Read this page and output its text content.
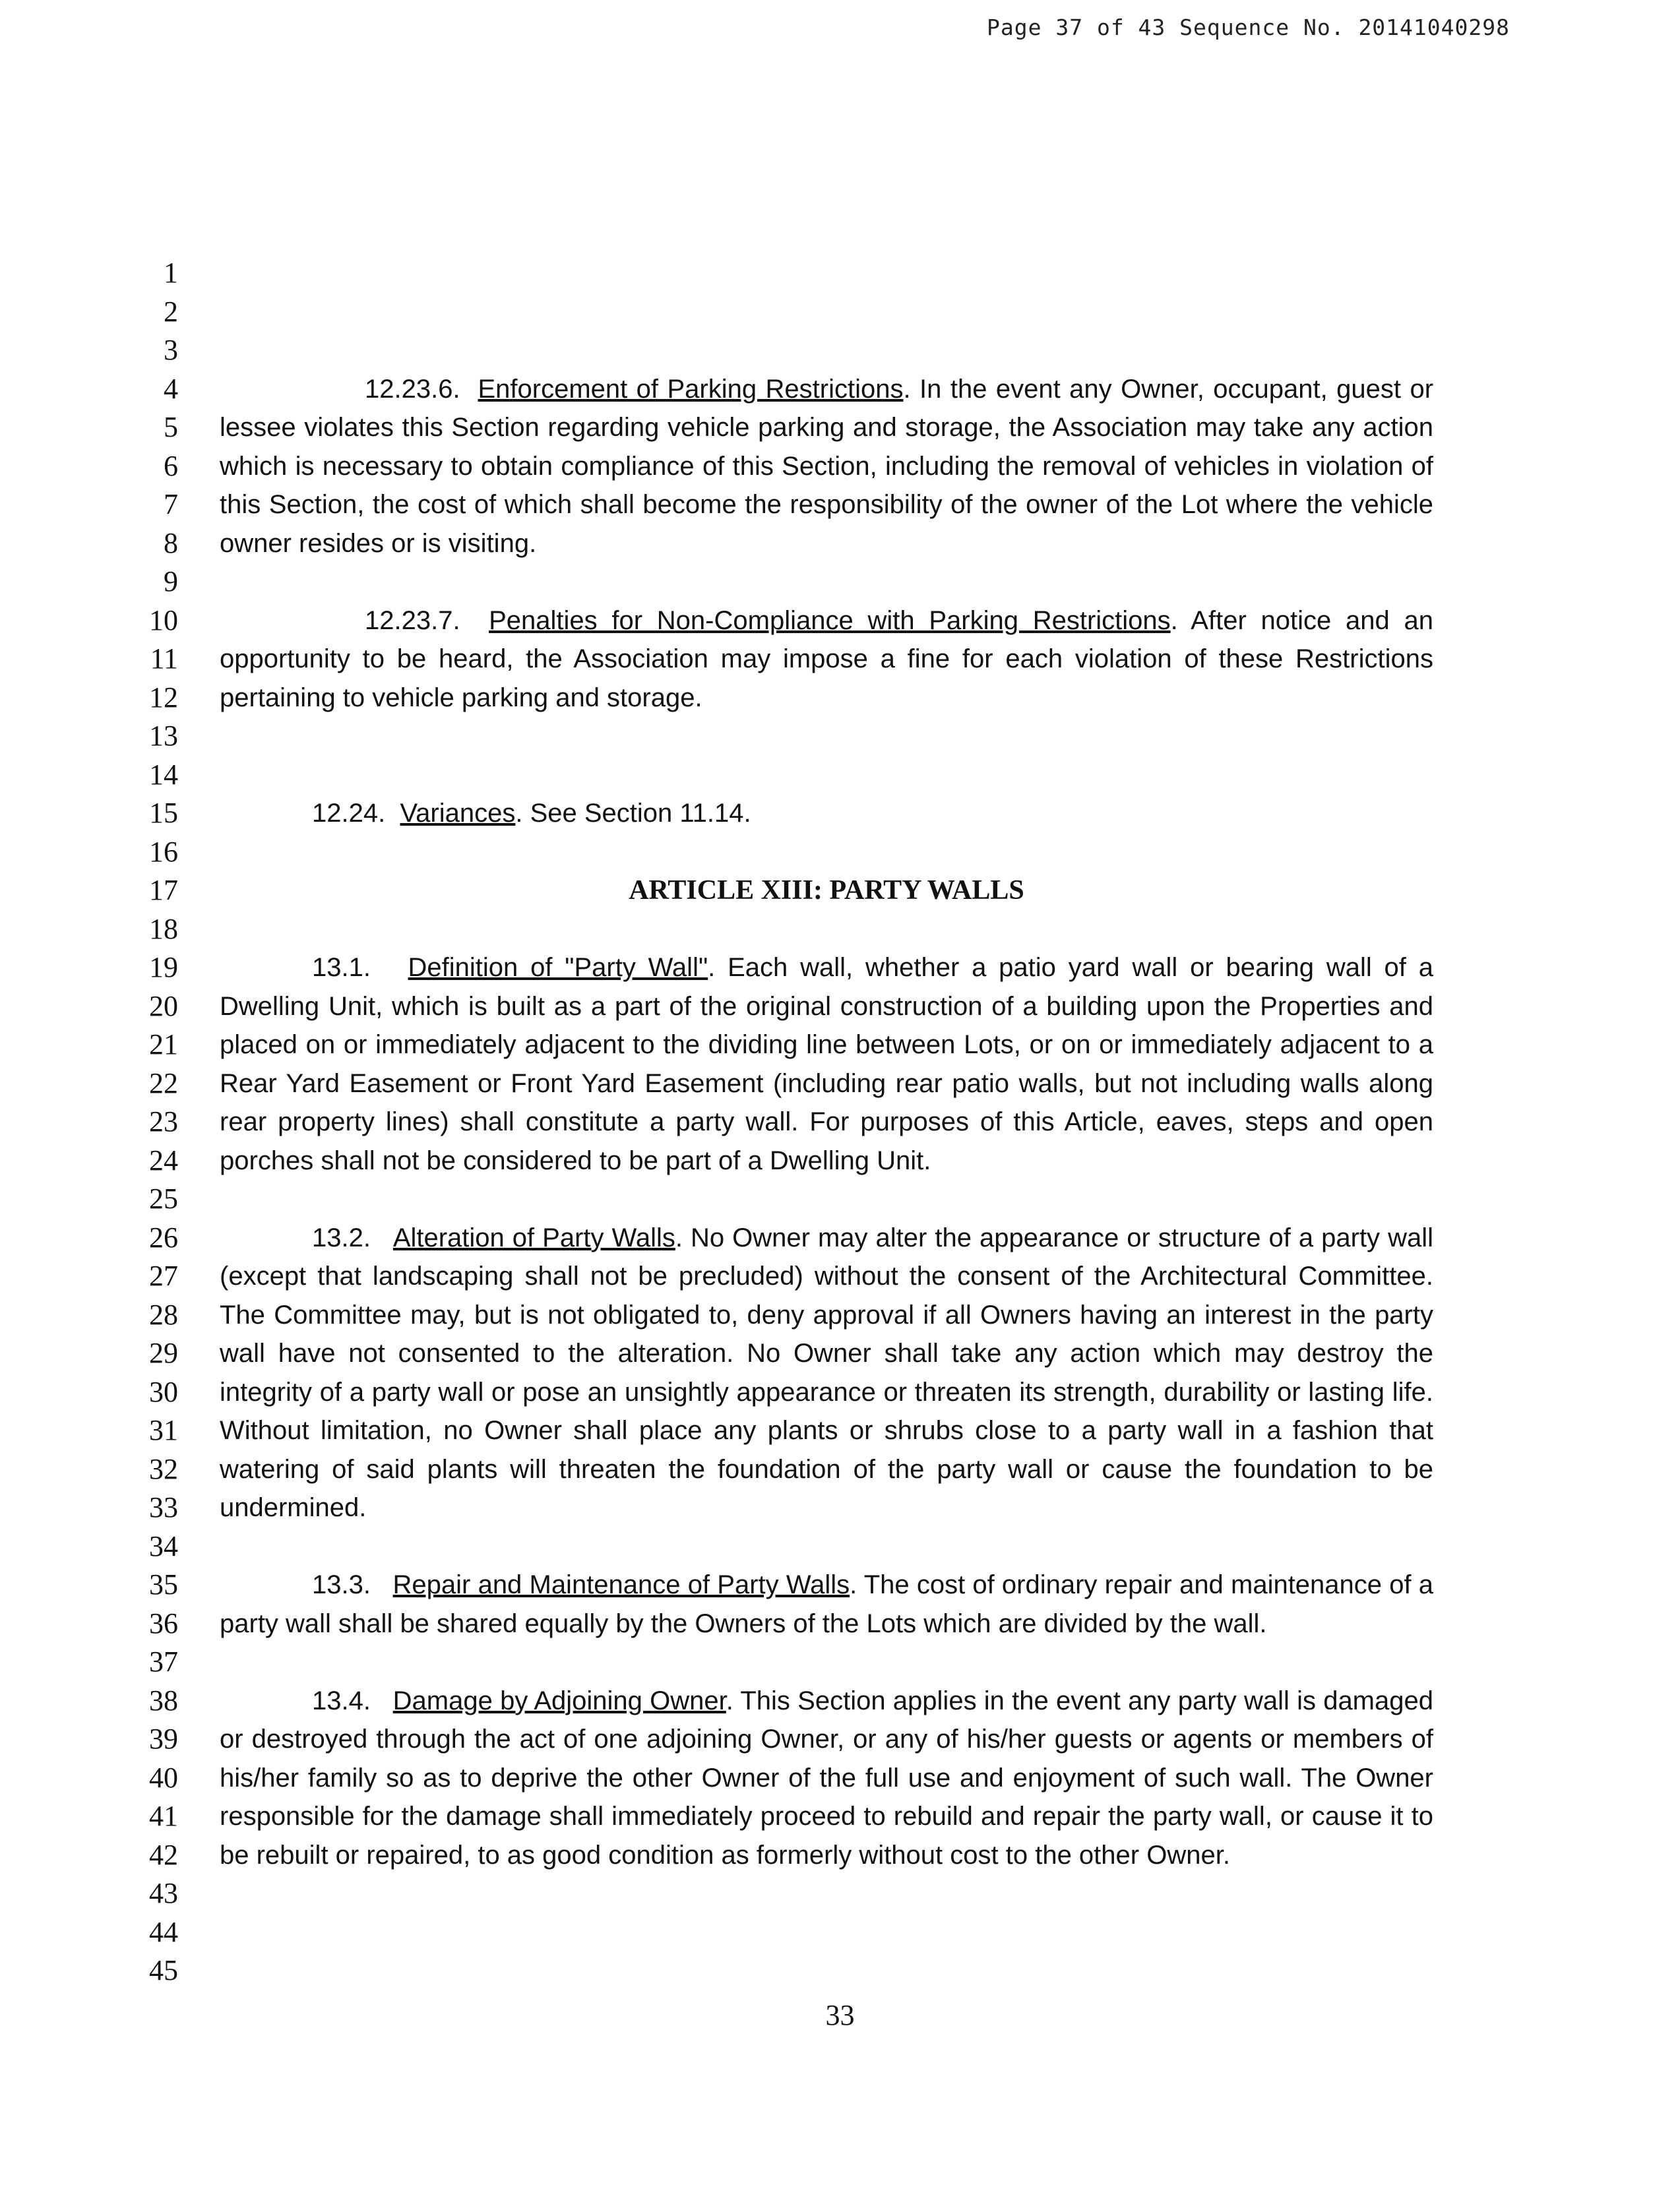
Page 37 of 43 Sequence No. 20141040298
1
2
3
4
5
6
7
8
9
10
11
12
13
14
15
16
17
18
19
20
21
22
23
24
25
26
27
28
29
30
31
32
33
34
35
36
37
38
39
40
41
42
43
44
45

12.23.6. Enforcement of Parking Restrictions. In the event any Owner, occupant, guest or lessee violates this Section regarding vehicle parking and storage, the Association may take any action which is necessary to obtain compliance of this Section, including the removal of vehicles in violation of this Section, the cost of which shall become the responsibility of the owner of the Lot where the vehicle owner resides or is visiting.

12.23.7. Penalties for Non-Compliance with Parking Restrictions. After notice and an opportunity to be heard, the Association may impose a fine for each violation of these Restrictions pertaining to vehicle parking and storage.

12.24. Variances. See Section 11.14.

ARTICLE XIII: PARTY WALLS

13.1. Definition of "Party Wall". Each wall, whether a patio yard wall or bearing wall of a Dwelling Unit, which is built as a part of the original construction of a building upon the Properties and placed on or immediately adjacent to the dividing line between Lots, or on or immediately adjacent to a Rear Yard Easement or Front Yard Easement (including rear patio walls, but not including walls along rear property lines) shall constitute a party wall. For purposes of this Article, eaves, steps and open porches shall not be considered to be part of a Dwelling Unit.

13.2. Alteration of Party Walls. No Owner may alter the appearance or structure of a party wall (except that landscaping shall not be precluded) without the consent of the Architectural Committee. The Committee may, but is not obligated to, deny approval if all Owners having an interest in the party wall have not consented to the alteration. No Owner shall take any action which may destroy the integrity of a party wall or pose an unsightly appearance or threaten its strength, durability or lasting life. Without limitation, no Owner shall place any plants or shrubs close to a party wall in a fashion that watering of said plants will threaten the foundation of the party wall or cause the foundation to be undermined.

13.3. Repair and Maintenance of Party Walls. The cost of ordinary repair and maintenance of a party wall shall be shared equally by the Owners of the Lots which are divided by the wall.

13.4. Damage by Adjoining Owner. This Section applies in the event any party wall is damaged or destroyed through the act of one adjoining Owner, or any of his/her guests or agents or members of his/her family so as to deprive the other Owner of the full use and enjoyment of such wall. The Owner responsible for the damage shall immediately proceed to rebuild and repair the party wall, or cause it to be rebuilt or repaired, to as good condition as formerly without cost to the other Owner.

33
